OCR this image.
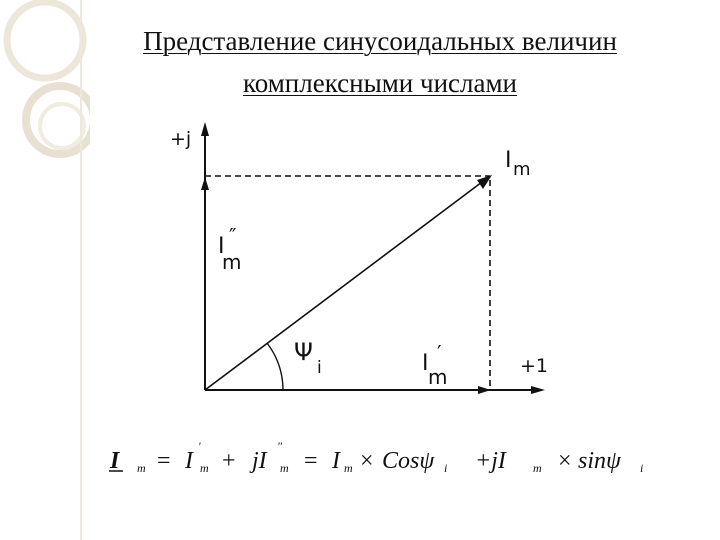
Представление синусоидальных величин
комплексными числами
+j
+1
I m
I ″
m
I ′
m
Ψ
i
I m = I
'
m + jI
"
m = I m × Cosψ i +jI m × sinψ i
